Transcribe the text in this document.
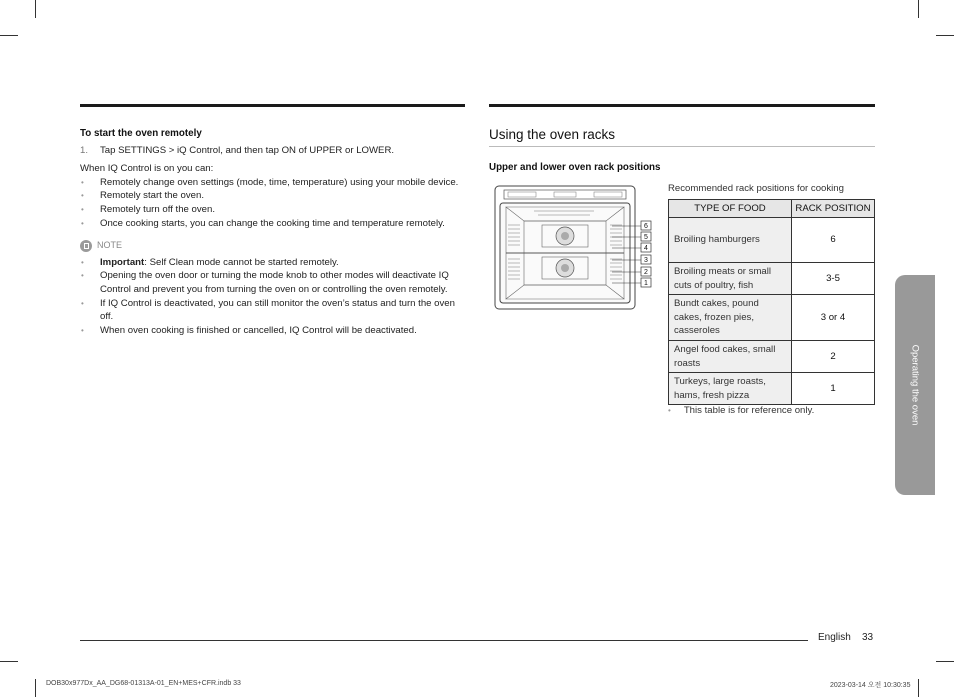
To start the oven remotely
1. Tap SETTINGS > iQ Control, and then tap ON of UPPER or LOWER.
When IQ Control is on you can:
• Remotely change oven settings (mode, time, temperature) using your mobile device.
• Remotely start the oven.
• Remotely turn off the oven.
• Once cooking starts, you can change the cooking time and temperature remotely.
NOTE
• Important: Self Clean mode cannot be started remotely.
• Opening the oven door or turning the mode knob to other modes will deactivate IQ Control and prevent you from turning the oven on or controlling the oven remotely.
• If IQ Control is deactivated, you can still monitor the oven’s status and turn the oven off.
• When oven cooking is finished or cancelled, IQ Control will be deactivated.
Using the oven racks
Upper and lower oven rack positions
6
5
4
3
2
1
Recommended rack positions for cooking
TYPE OF FOOD	RACK POSITION
Broiling hamburgers	6
Broiling meats or small cuts of poultry, fish	3-5
Bundt cakes, pound cakes, frozen pies, casseroles	3 or 4
Angel food cakes, small roasts	2
Turkeys, large roasts, hams, fresh pizza	1
• This table is for reference only.	Operating the oven
English 33
DOB30x977Dx_AA_DG68-01313A-01_EN+MES+CFR.indb 33	2023-03-14 오전 10:30:35
